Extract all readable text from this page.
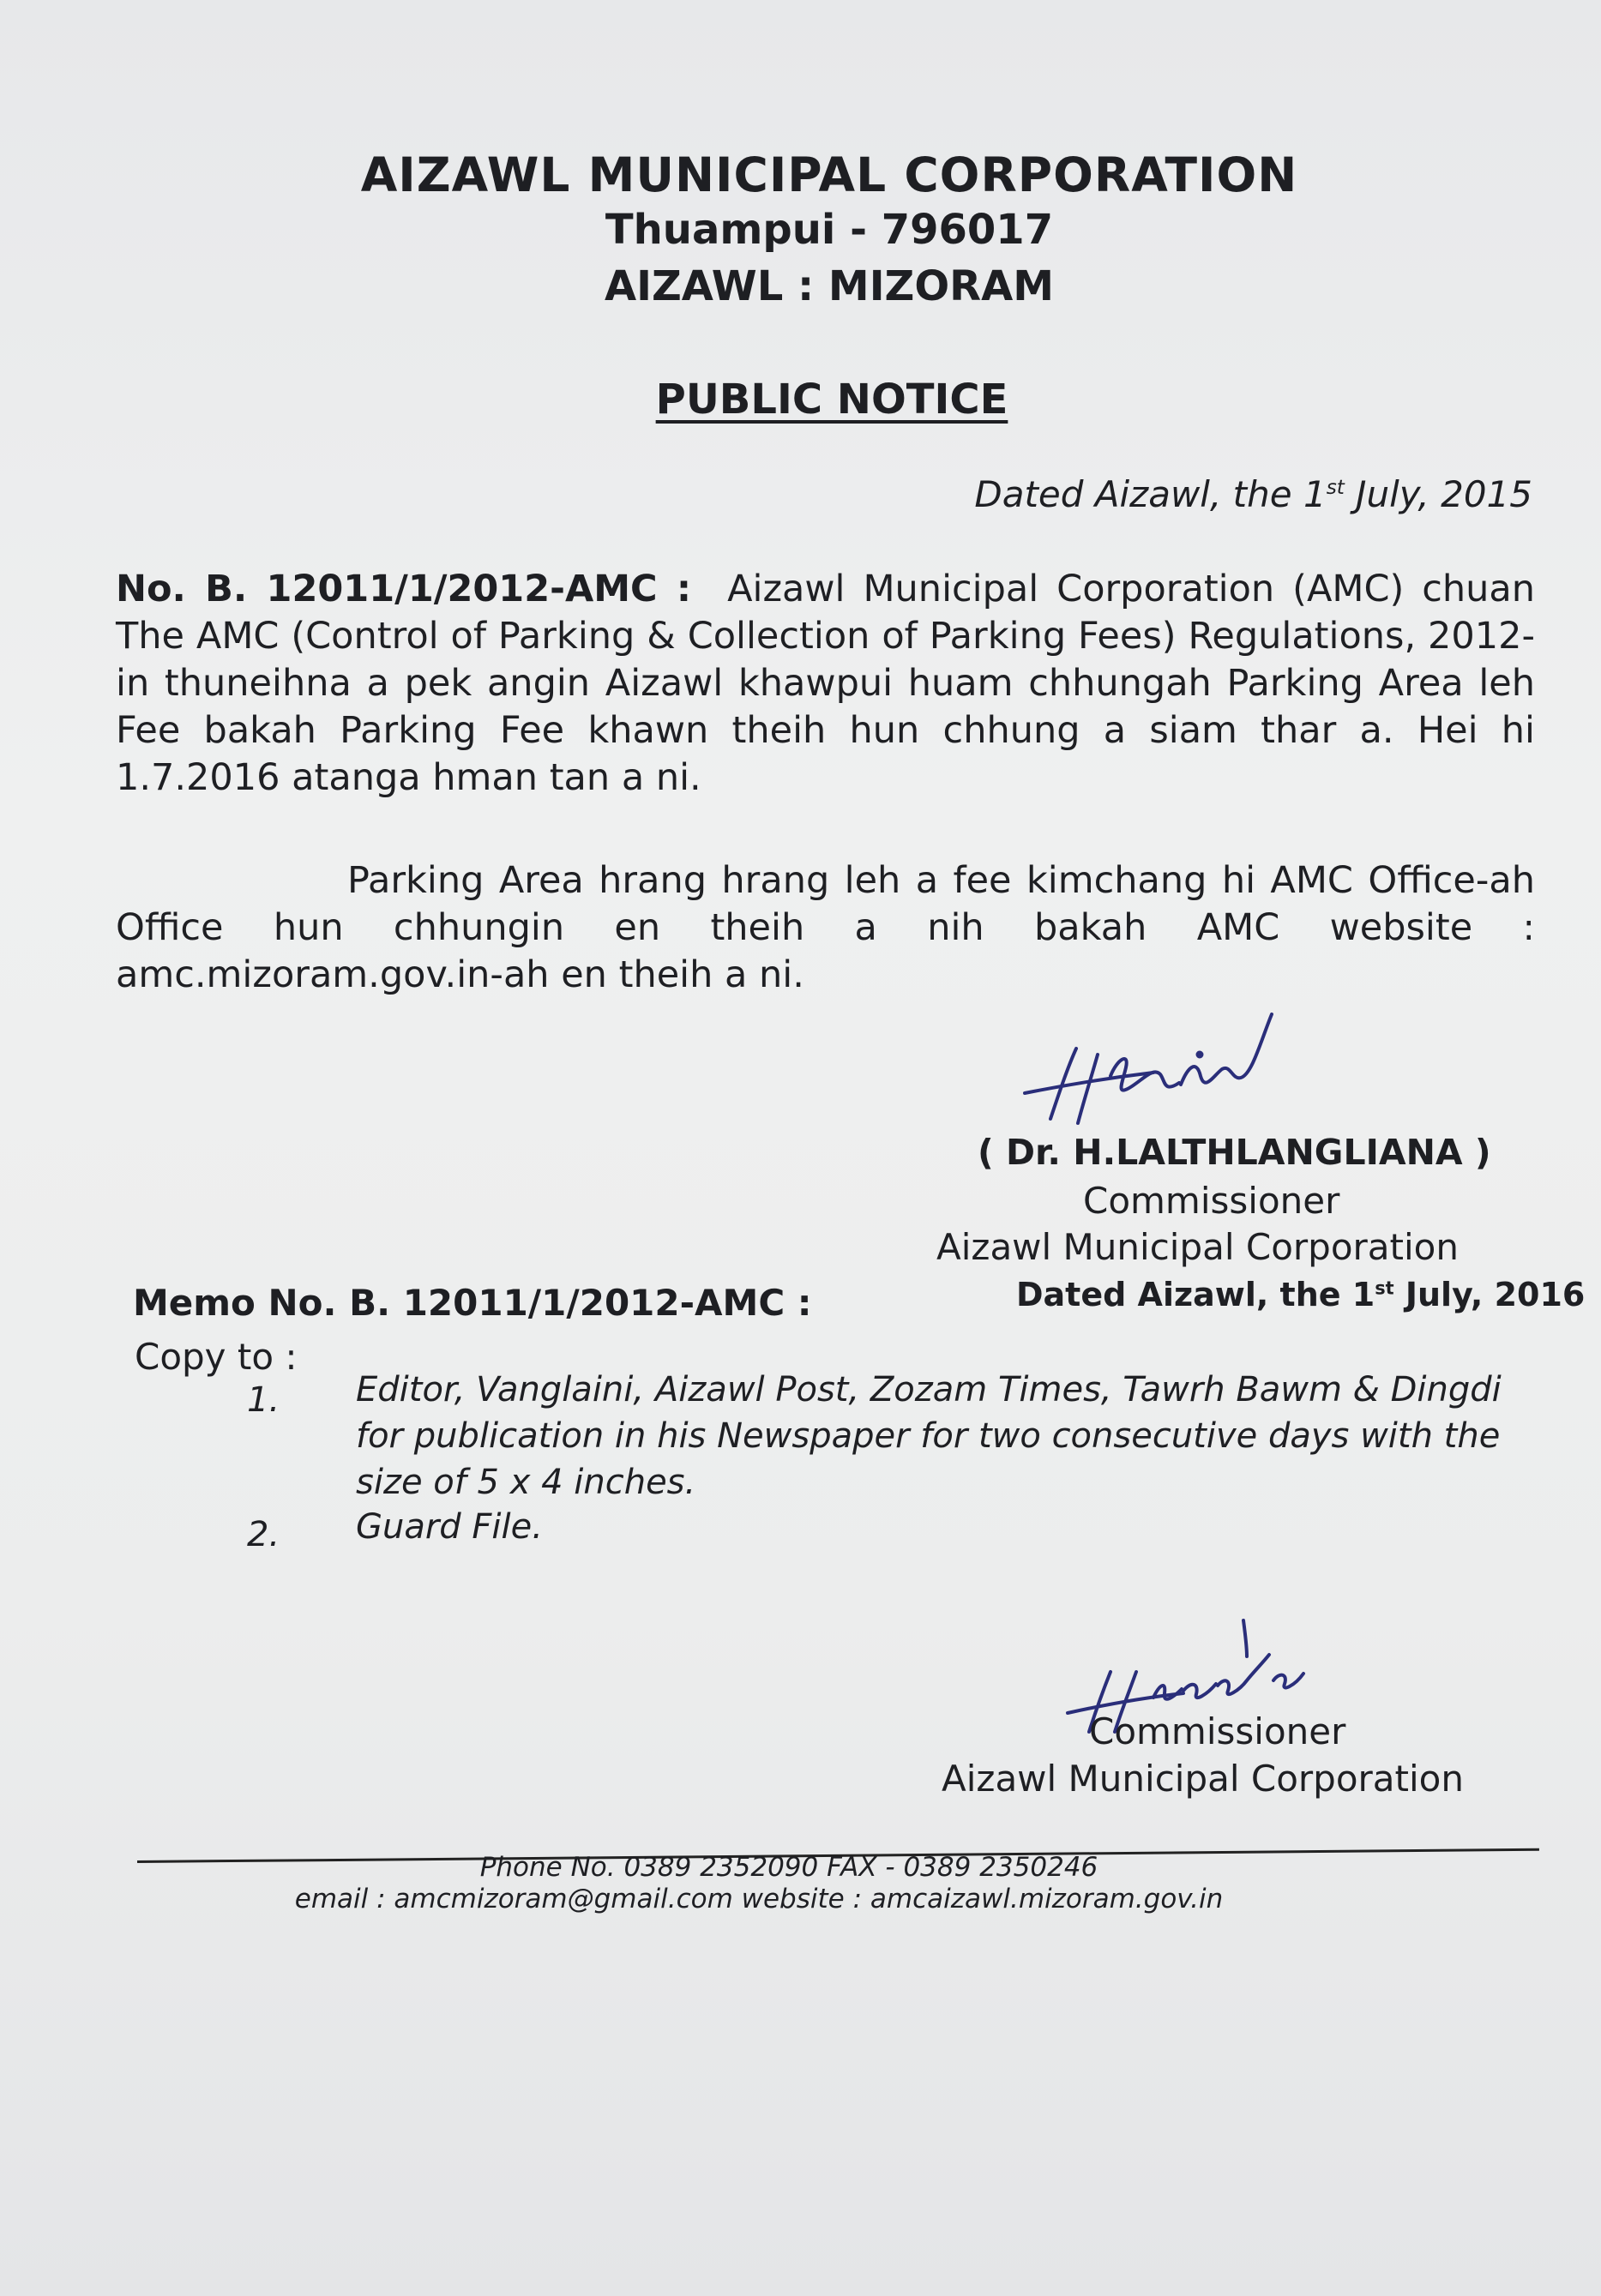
AIZAWL MUNICIPAL CORPORATION
Thuampui - 796017
AIZAWL : MIZORAM
PUBLIC NOTICE
Dated Aizawl, the 1st July, 2015
No. B. 12011/1/2012-AMC : Aizawl Municipal Corporation (AMC) chuan The AMC (Control of Parking & Collection of Parking Fees) Regulations, 2012-in thuneihna a pek angin Aizawl khawpui huam chhungah Parking Area leh Fee bakah Parking Fee khawn theih hun chhung a siam thar a. Hei hi 1.7.2016 atanga hman tan a ni.
Parking Area hrang hrang leh a fee kimchang hi AMC Office-ah Office hun chhungin en theih a nih bakah AMC website : amc.mizoram.gov.in-ah en theih a ni.
( Dr. H.LALTHLANGLIANA )
Commissioner
Aizawl Municipal Corporation
Memo No. B. 12011/1/2012-AMC :	Dated Aizawl, the 1st July, 2016
Copy to :
1. Editor, Vanglaini, Aizawl Post, Zozam Times, Tawrh Bawm & Dingdi for publication in his Newspaper for two consecutive days with the size of 5 x 4 inches.
2. Guard File.
Commissioner
Aizawl Municipal Corporation
Phone No. 0389 2352090 FAX - 0389 2350246
email : amcmizoram@gmail.com website : amcaizawl.mizoram.gov.in
